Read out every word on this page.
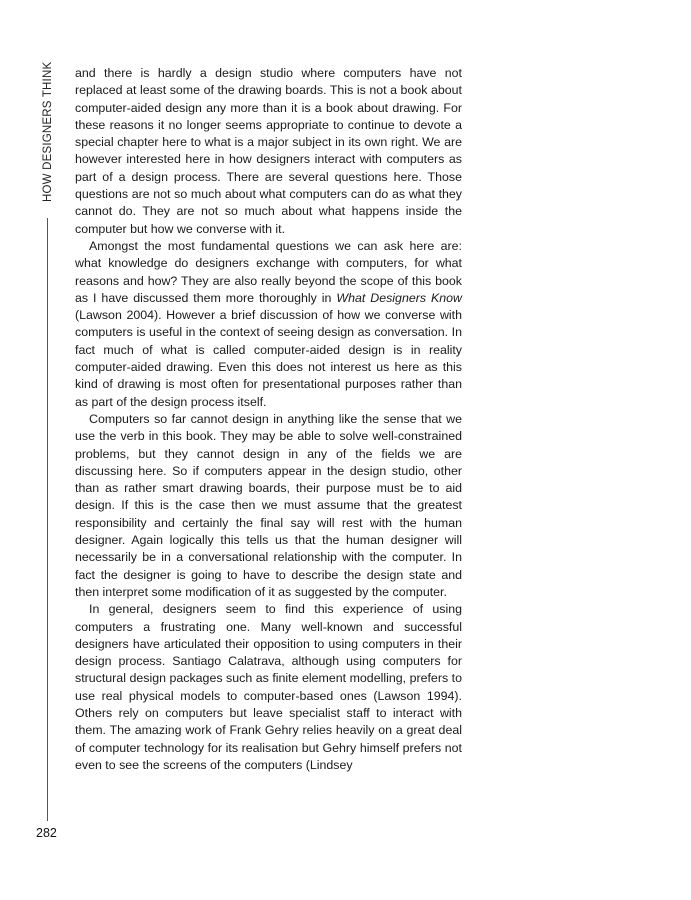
HOW DESIGNERS THINK
282

and there is hardly a design studio where computers have not replaced at least some of the drawing boards. This is not a book about computer-aided design any more than it is a book about drawing. For these reasons it no longer seems appropriate to continue to devote a special chapter here to what is a major subject in its own right. We are however interested here in how designers interact with computers as part of a design process. There are several questions here. Those questions are not so much about what computers can do as what they cannot do. They are not so much about what happens inside the computer but how we converse with it.

Amongst the most fundamental questions we can ask here are: what knowledge do designers exchange with computers, for what reasons and how? They are also really beyond the scope of this book as I have discussed them more thoroughly in What Designers Know (Lawson 2004). However a brief discussion of how we converse with computers is useful in the context of seeing design as conversation. In fact much of what is called computer-aided design is in reality computer-aided drawing. Even this does not interest us here as this kind of drawing is most often for presentational purposes rather than as part of the design process itself.

Computers so far cannot design in anything like the sense that we use the verb in this book. They may be able to solve well-constrained problems, but they cannot design in any of the fields we are discussing here. So if computers appear in the design studio, other than as rather smart drawing boards, their purpose must be to aid design. If this is the case then we must assume that the greatest responsibility and certainly the final say will rest with the human designer. Again logically this tells us that the human designer will necessarily be in a conversational relationship with the computer. In fact the designer is going to have to describe the design state and then interpret some modification of it as suggested by the computer.

In general, designers seem to find this experience of using computers a frustrating one. Many well-known and successful designers have articulated their opposition to using computers in their design process. Santiago Calatrava, although using computers for structural design packages such as finite element modelling, prefers to use real physical models to computer-based ones (Lawson 1994). Others rely on computers but leave specialist staff to interact with them. The amazing work of Frank Gehry relies heavily on a great deal of computer technology for its realisation but Gehry himself prefers not even to see the screens of the computers (Lindsey
